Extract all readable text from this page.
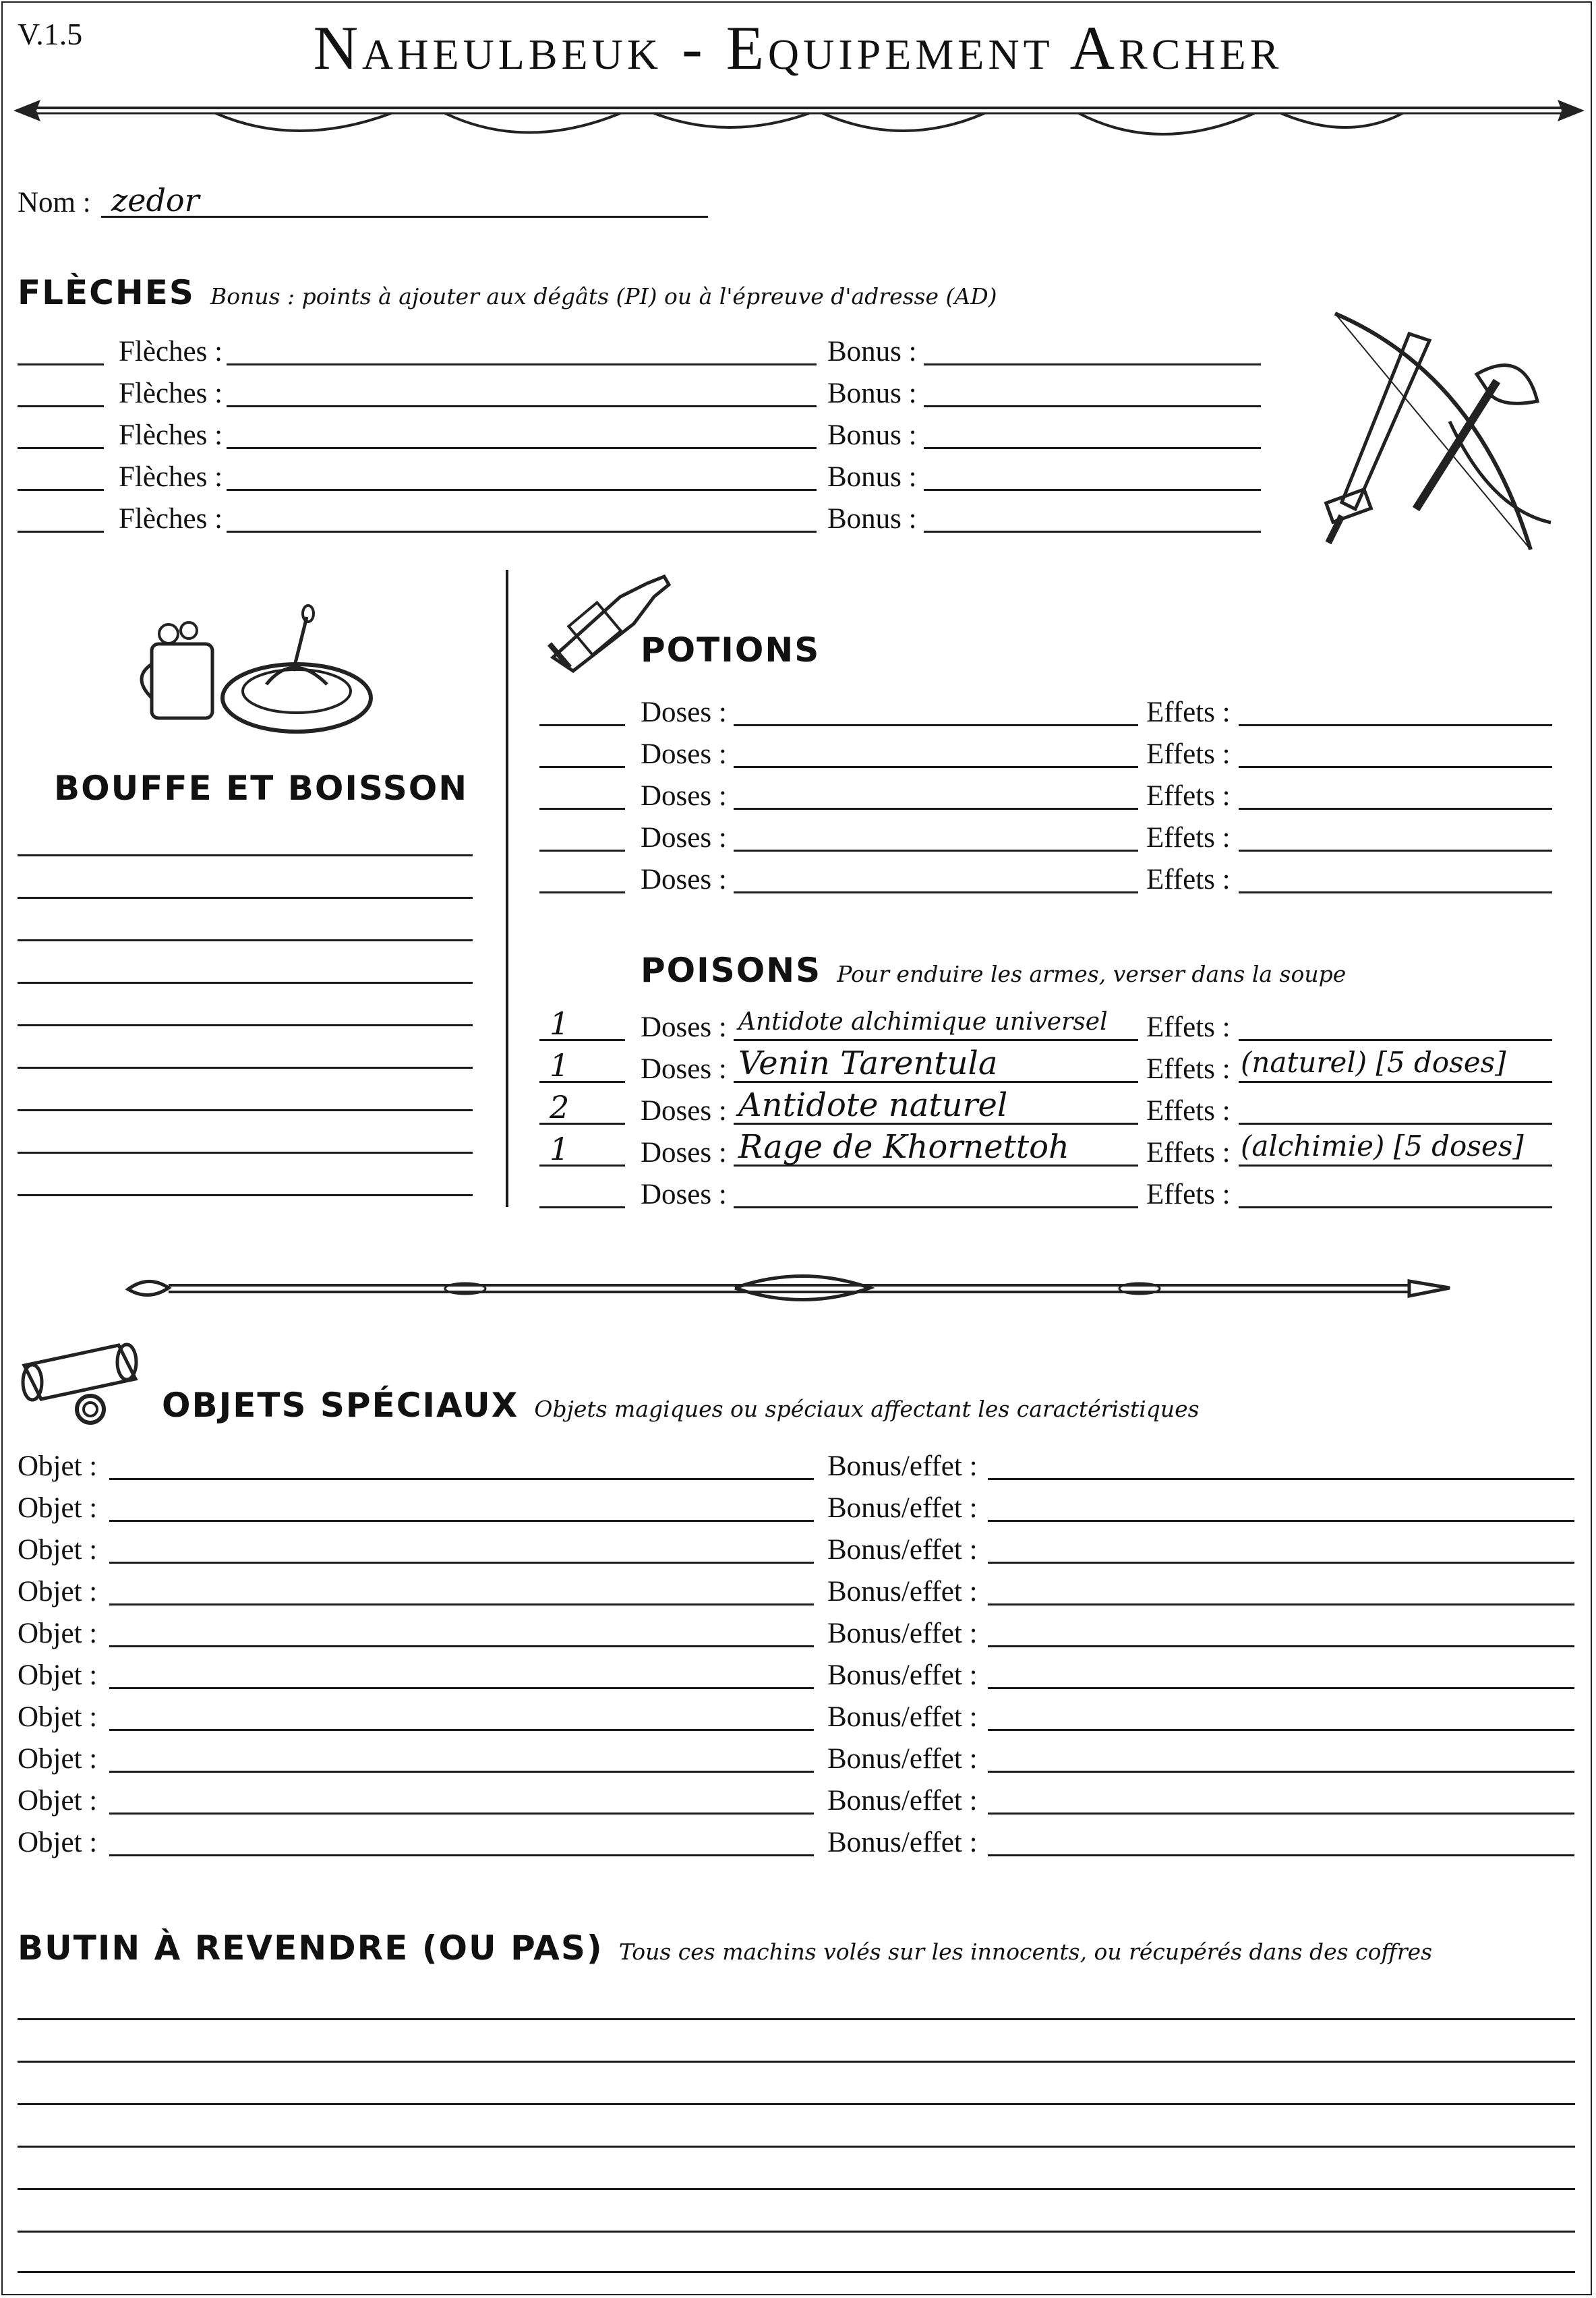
V.1.5	Naheulbeuk - Equipement Archer
Nom : zedor
FLÈCHES Bonus : points à ajouter aux dégâts (PI) ou à l'épreuve d'adresse (AD)
Flèches :	Bonus :
Flèches :	Bonus :
Flèches :	Bonus :
Flèches :	Bonus :
Flèches :	Bonus :
BOUFFE ET BOISSON
POTIONS
Doses :	Effets :
Doses :	Effets :
Doses :	Effets :
Doses :	Effets :
Doses :	Effets :
POISONS Pour enduire les armes, verser dans la soupe
1 Doses : Antidote alchimique universel Effets :
1 Doses : Venin Tarentula	Effets : (naturel) [5 doses]
2 Doses : Antidote naturel	Effets :
1 Doses : Rage de Khornettoh	Effets : (alchimie) [5 doses]
Doses :	Effets :
OBJETS SPÉCIAUX Objets magiques ou spéciaux affectant les caractéristiques
Objet :	Bonus/effet :
Objet :	Bonus/effet :
Objet :	Bonus/effet :
Objet :	Bonus/effet :
Objet :	Bonus/effet :
Objet :	Bonus/effet :
Objet :	Bonus/effet :
Objet :	Bonus/effet :
Objet :	Bonus/effet :
Objet :	Bonus/effet :
BUTIN À REVENDRE (OU PAS) Tous ces machins volés sur les innocents, ou récupérés dans des coffres
